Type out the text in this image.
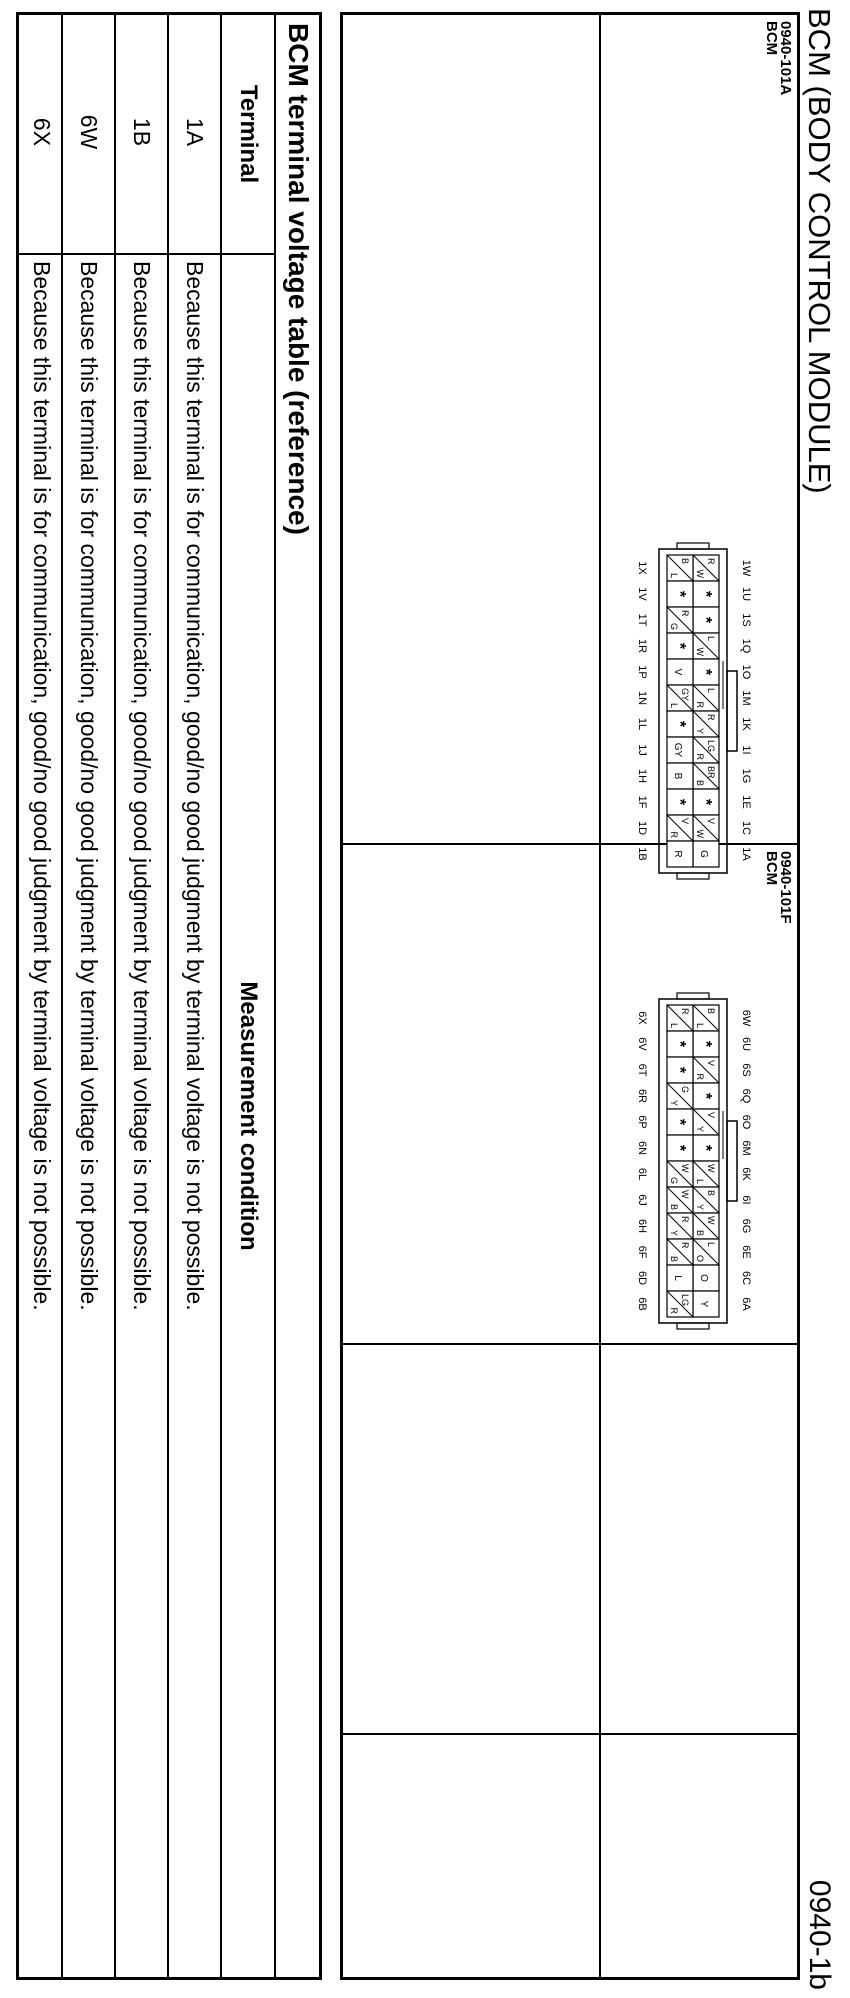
BCM (BODY CONTROL MODULE)
0940-1b
0940-101A
BCM
R
W
*
*
L
W
*
L
R
R
Y
LG
R
BR
B
*
V
W
G
B
L
*
R
G
*
V
GY
L
*
GY
B
*
V
R
R
1W
1U
1S
1Q
1O
1M
1K
1I
1G
1E
1C
1A
1X
1V
1T
1R
1P
1N
1L
1J
1H
1F
1D
1B	0940-101F
BCM
B
L
*
V
R
*
V
Y
*
W
L
B
Y
W
B
L
O
O
Y
R
L
*
*
G
Y
*
*
W
G
W
B
R
Y
R
B
L
LG
R
6W
6U
6S
6Q
6O
6M
6K
6I
6G
6E
6C
6A
6X
6V
6T
6R
6P
6N
6L
6J
6H
6F
6D
6B
BCM terminal voltage table (reference)
Terminal
Measurement condition
1A
Because this terminal is for communication, good/no good judgment by terminal voltage is not possible.
1B
Because this terminal is for communication, good/no good judgment by terminal voltage is not possible.
6W
Because this terminal is for communication, good/no good judgment by terminal voltage is not possible.
6X
Because this terminal is for communication, good/no good judgment by terminal voltage is not possible.
